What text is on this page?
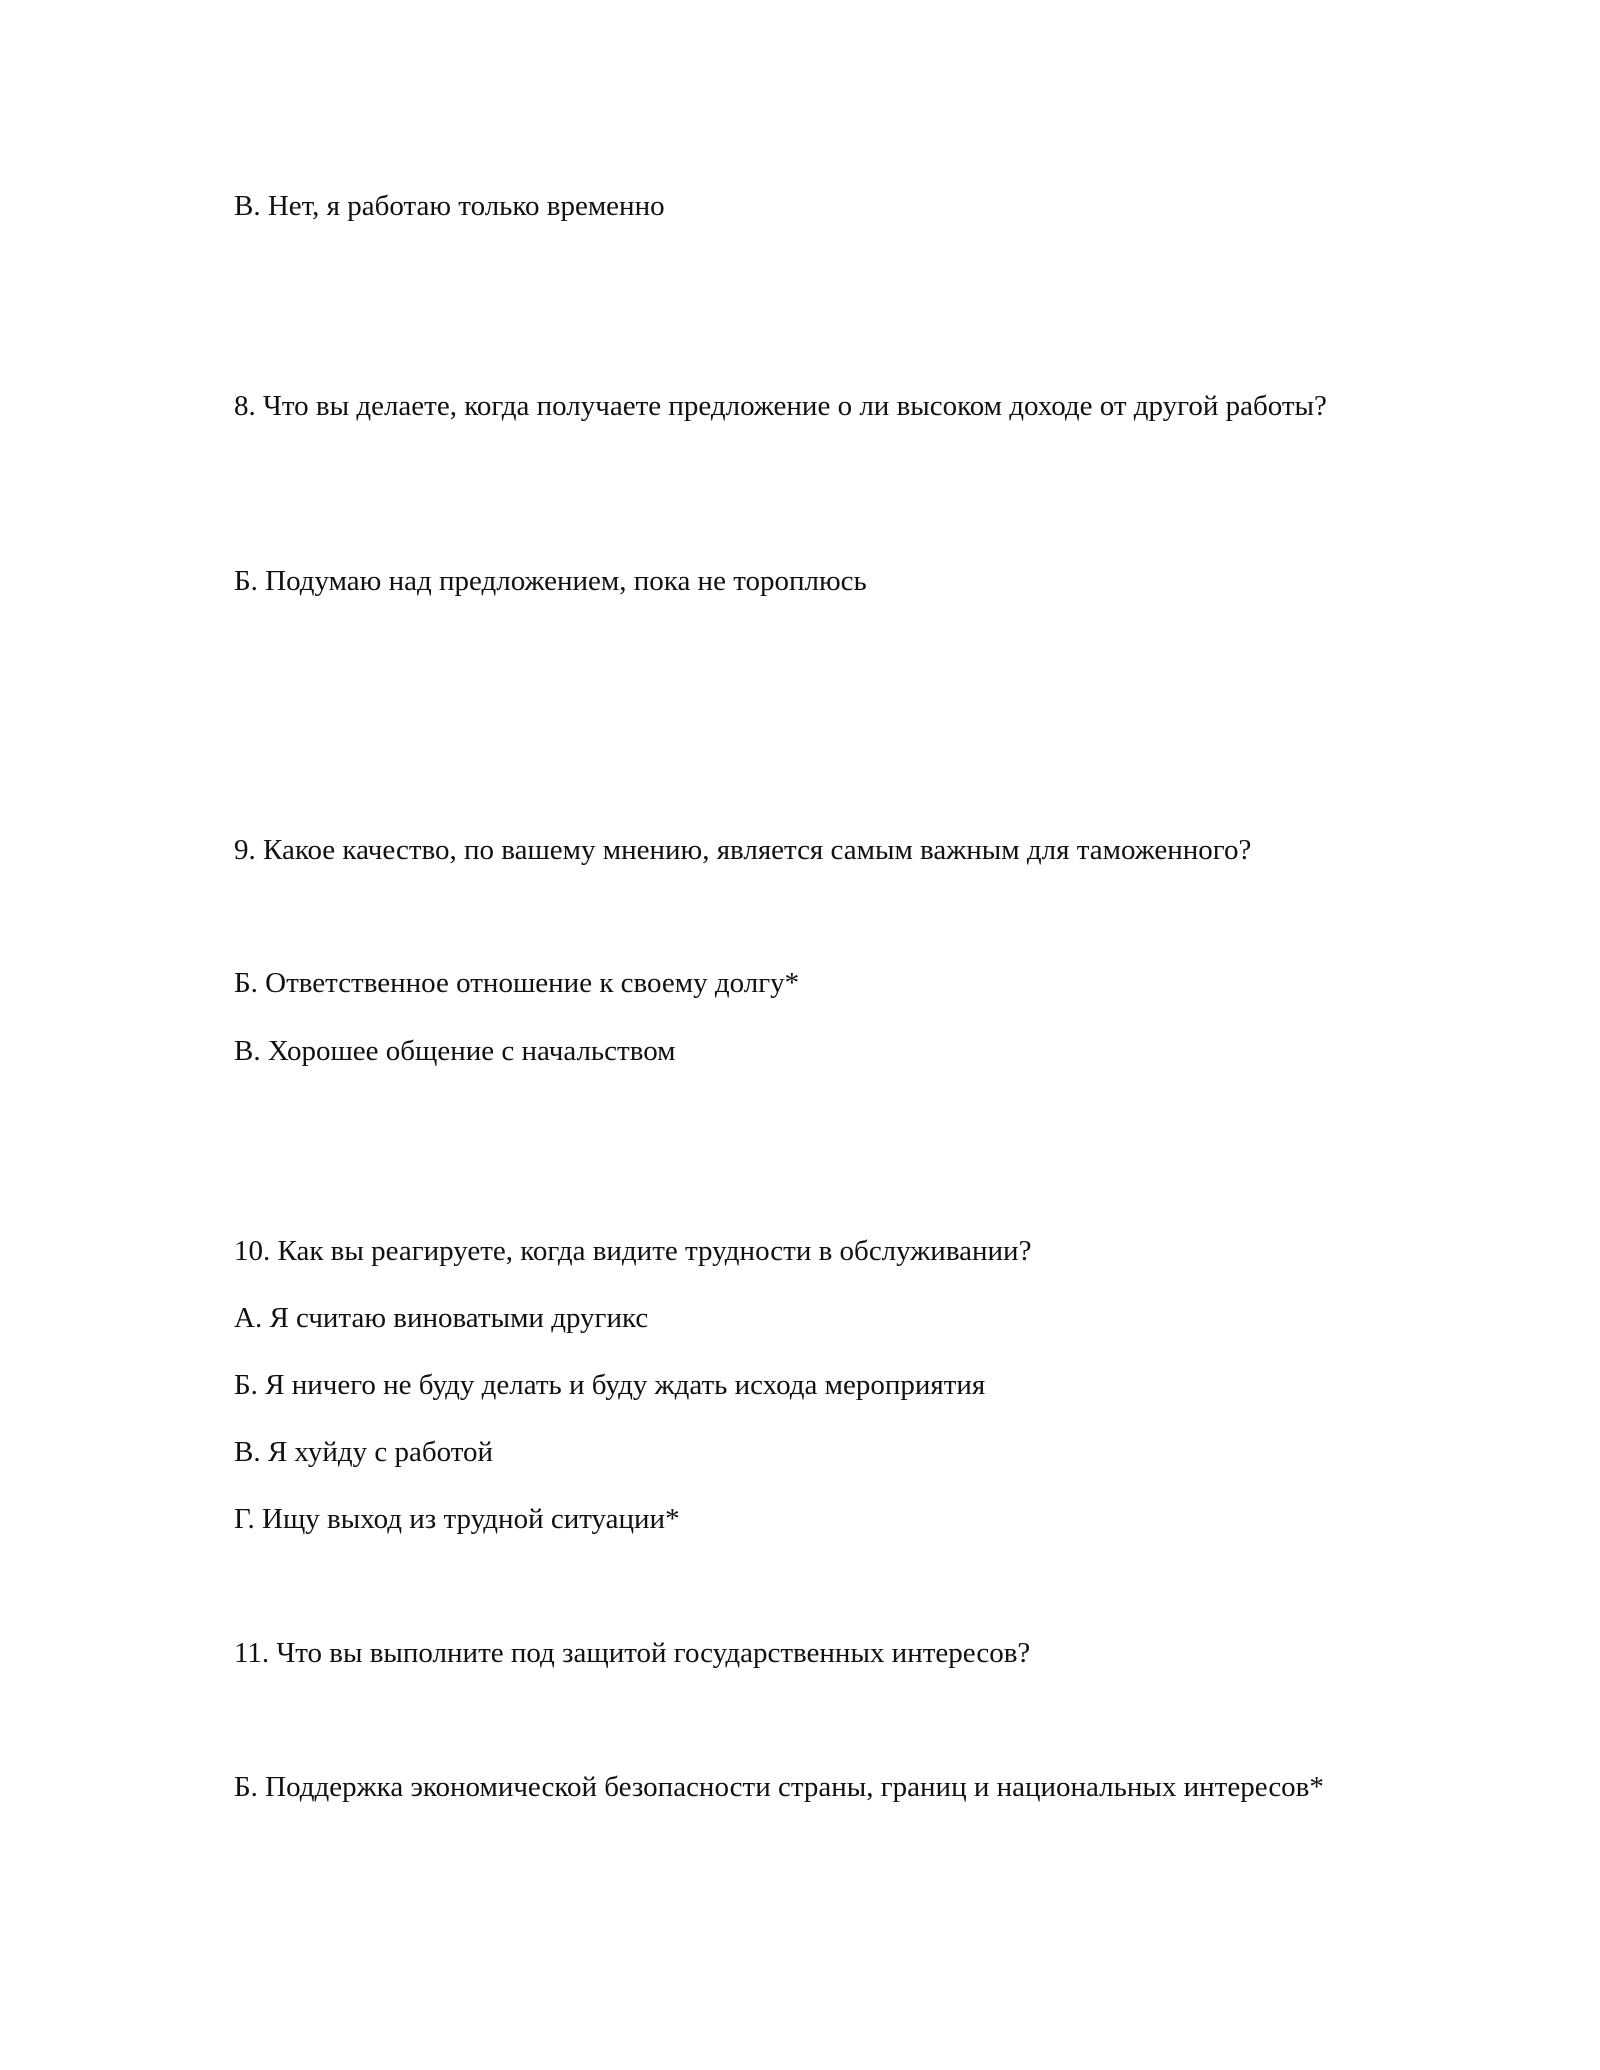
В. Нет, я работаю только временно
8. Что вы делаете, когда получаете предложение о ли высоком доходе от другой работы?
Б. Подумаю над предложением, пока не тороплюсь
9. Какое качество, по вашему мнению, является самым важным для таможенного?
Б. Ответственное отношение к своему долгу*
В. Хорошее общение с начальством
10. Как вы реагируете, когда видите трудности в обслуживании?
А. Я считаю виноватыми другикс
Б. Я ничего не буду делать и буду ждать исхода мероприятия
В. Я хуйду с работой
Г. Ищу выход из трудной ситуации*
11. Что вы выполните под защитой государственных интересов?
Б. Поддержка экономической безопасности страны, границ и национальных интересов*
